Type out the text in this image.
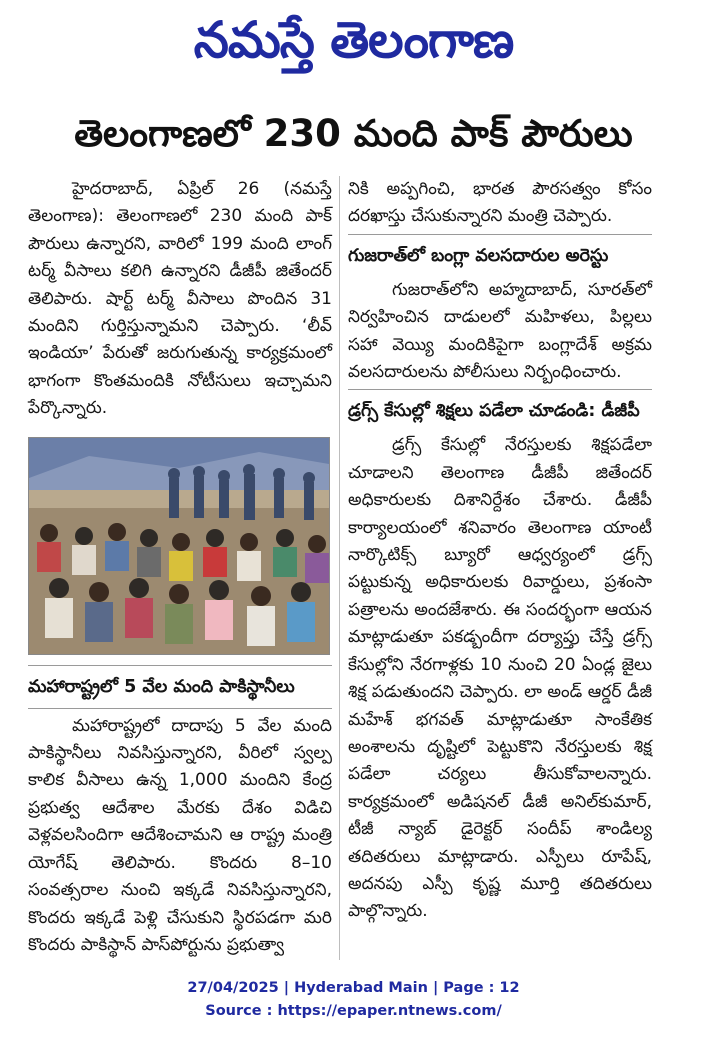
నమస్తే తెలంగాణ
తెలంగాణలో 230 మంది పాక్‌ పౌరులు

హైదరాబాద్‌, ఏప్రిల్‌ 26 (నమస్తే తెలంగాణ): తెలంగాణలో 230 మంది పాక్‌ పౌరులు ఉన్నారని, వారిలో 199 మంది లాంగ్‌ టర్మ్‌ వీసాలు కలిగి ఉన్నారని డీజీపీ జితేందర్‌ తెలిపారు. షార్ట్‌ టర్మ్‌ వీసాలు పొందిన 31 మందిని గుర్తిస్తున్నామని చెప్పారు. ‘లీవ్‌ ఇండియా’ పేరుతో జరుగుతున్న కార్యక్రమంలో భాగంగా కొంతమందికి నోటీసులు ఇచ్చామని పేర్కొన్నారు.

మహారాష్ట్రలో 5 వేల మంది పాకిస్థానీలు

మహారాష్ట్రలో దాదాపు 5 వేల మంది పాకిస్థానీలు నివసిస్తున్నారని, వీరిలో స్వల్ప కాలిక వీసాలు ఉన్న 1,000 మందిని కేంద్ర ప్రభుత్వ ఆదేశాల మేరకు దేశం విడిచి వెళ్లవలసిందిగా ఆదేశించామని ఆ రాష్ట్ర మంత్రి యోగేష్‌ తెలిపారు. కొందరు 8–10 సంవత్సరాల నుంచి ఇక్కడే నివసిస్తున్నారని, కొందరు ఇక్కడే పెళ్లి చేసుకుని స్థిరపడగా మరి కొందరు పాకిస్థాన్‌ పాస్‌పోర్టును ప్రభుత్వా

నికి అప్పగించి, భారత పౌరసత్వం కోసం దరఖాస్తు చేసుకున్నారని మంత్రి చెప్పారు.

గుజరాత్‌లో బంగ్లా వలసదారుల అరెస్టు

గుజరాత్‌లోని అహ్మదాబాద్‌, సూరత్‌లో నిర్వహించిన దాడులలో మహిళలు, పిల్లలు సహా వెయ్యి మందికిపైగా బంగ్లాదేశ్‌ అక్రమ వలసదారులను పోలీసులు నిర్బంధించారు.

డ్రగ్స్‌ కేసుల్లో శిక్షలు పడేలా చూడండి: డీజీపీ

డ్రగ్స్‌ కేసుల్లో నేరస్తులకు శిక్షపడేలా చూడాలని తెలంగాణ డీజీపీ జితేందర్‌ అధికారులకు దిశానిర్దేశం చేశారు. డీజీపీ కార్యాలయంలో శనివారం తెలంగాణ యాంటీ నార్కొటిక్స్‌ బ్యూరో ఆధ్వర్యంలో డ్రగ్స్‌ పట్టుకున్న అధికారులకు రివార్డులు, ప్రశంసా పత్రాలను అందజేశారు. ఈ సందర్భంగా ఆయన మాట్లాడుతూ పకడ్బందీగా దర్యాప్తు చేస్తే డ్రగ్స్‌ కేసుల్లోని నేరగాళ్లకు 10 నుంచి 20 ఏండ్ల జైలు శిక్ష పడుతుందని చెప్పారు. లా అండ్‌ ఆర్డర్‌ డీజీ మహేశ్‌ భగవత్‌ మాట్లాడుతూ సాంకేతిక అంశాలను దృష్టిలో పెట్టుకొని నేరస్తులకు శిక్ష పడేలా చర్యలు తీసుకోవాలన్నారు. కార్యక్రమంలో అడిషనల్‌ డీజీ అనిల్‌కుమార్‌, టీజీ న్యాబ్‌ డైరెక్టర్‌ సందీప్‌ శాండిల్య తదితరులు మాట్లాడారు. ఎస్పీలు రూపేష్‌, అదనపు ఎస్పీ కృష్ణ మూర్తి తదితరులు పాల్గొన్నారు.

27/04/2025 | Hyderabad Main | Page : 12
Source : https://epaper.ntnews.com/
